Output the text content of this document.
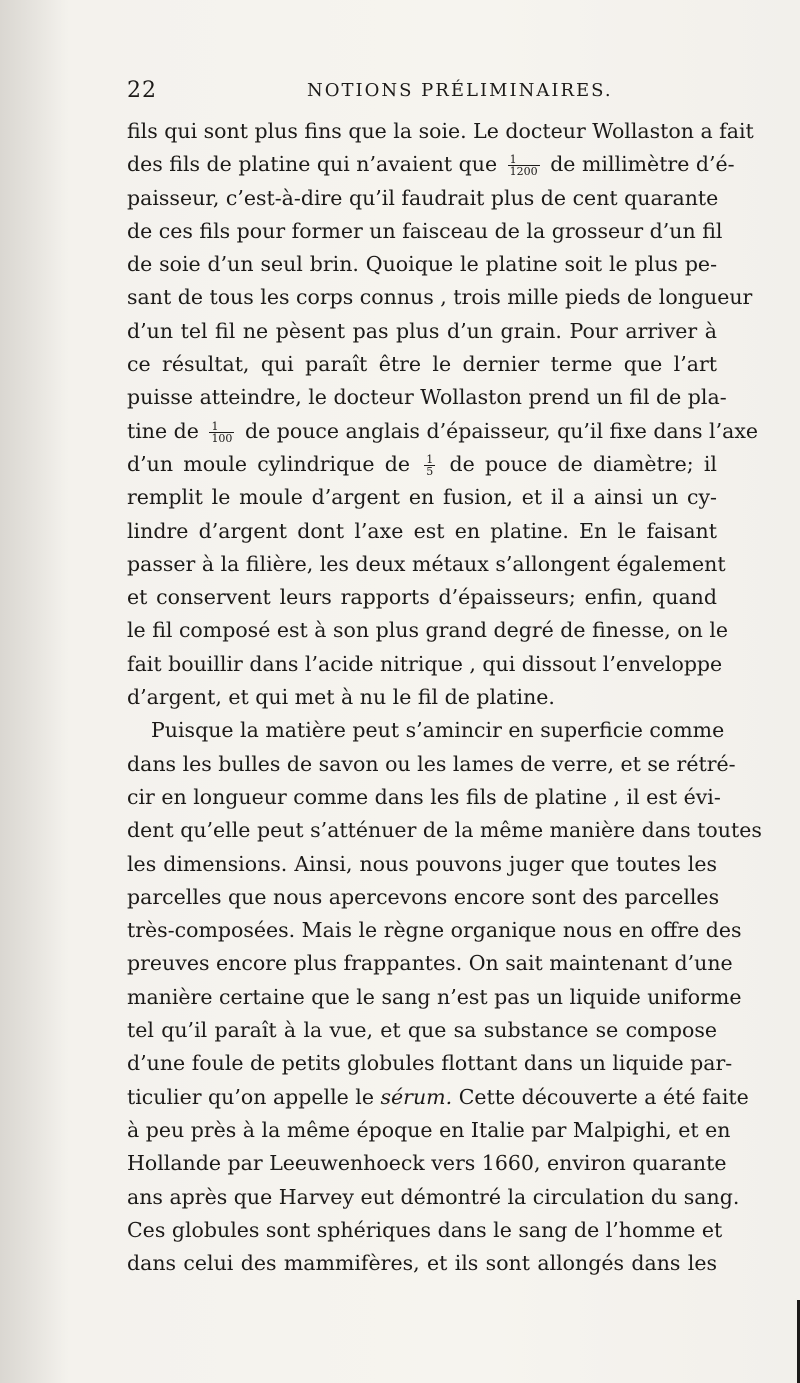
22	NOTIONS PRÉLIMINAIRES.
fils qui sont plus fins que la soie. Le docteur Wollaston a fait
des fils de platine qui n’avaient que $\frac{1}{1200}$ de millimètre d’é-
paisseur, c’est-à-dire qu’il faudrait plus de cent quarante
de ces fils pour former un faisceau de la grosseur d’un fil
de soie d’un seul brin. Quoique le platine soit le plus pe-
sant de tous les corps connus , trois mille pieds de longueur
d’un tel fil ne pèsent pas plus d’un grain. Pour arriver à
ce résultat, qui paraît être le dernier terme que l’art
puisse atteindre, le docteur Wollaston prend un fil de pla-
tine de $\frac{1}{100}$ de pouce anglais d’épaisseur, qu’il fixe dans l’axe
d’un moule cylindrique de $\frac{1}{5}$ de pouce de diamètre; il
remplit le moule d’argent en fusion, et il a ainsi un cy-
lindre d’argent dont l’axe est en platine. En le faisant
passer à la filière, les deux métaux s’allongent également
et conservent leurs rapports d’épaisseurs; enfin, quand
le fil composé est à son plus grand degré de finesse, on le
fait bouillir dans l’acide nitrique , qui dissout l’enveloppe
d’argent, et qui met à nu le fil de platine.
Puisque la matière peut s’amincir en superficie comme
dans les bulles de savon ou les lames de verre, et se rétré-
cir en longueur comme dans les fils de platine , il est évi-
dent qu’elle peut s’atténuer de la même manière dans toutes
les dimensions. Ainsi, nous pouvons juger que toutes les
parcelles que nous apercevons encore sont des parcelles
très-composées. Mais le règne organique nous en offre des
preuves encore plus frappantes. On sait maintenant d’une
manière certaine que le sang n’est pas un liquide uniforme
tel qu’il paraît à la vue, et que sa substance se compose
d’une foule de petits globules flottant dans un liquide par-
ticulier qu’on appelle le sérum. Cette découverte a été faite
à peu près à la même époque en Italie par Malpighi, et en
Hollande par Leeuwenhoeck vers 1660, environ quarante
ans après que Harvey eut démontré la circulation du sang.
Ces globules sont sphériques dans le sang de l’homme et
dans celui des mammifères, et ils sont allongés dans les
